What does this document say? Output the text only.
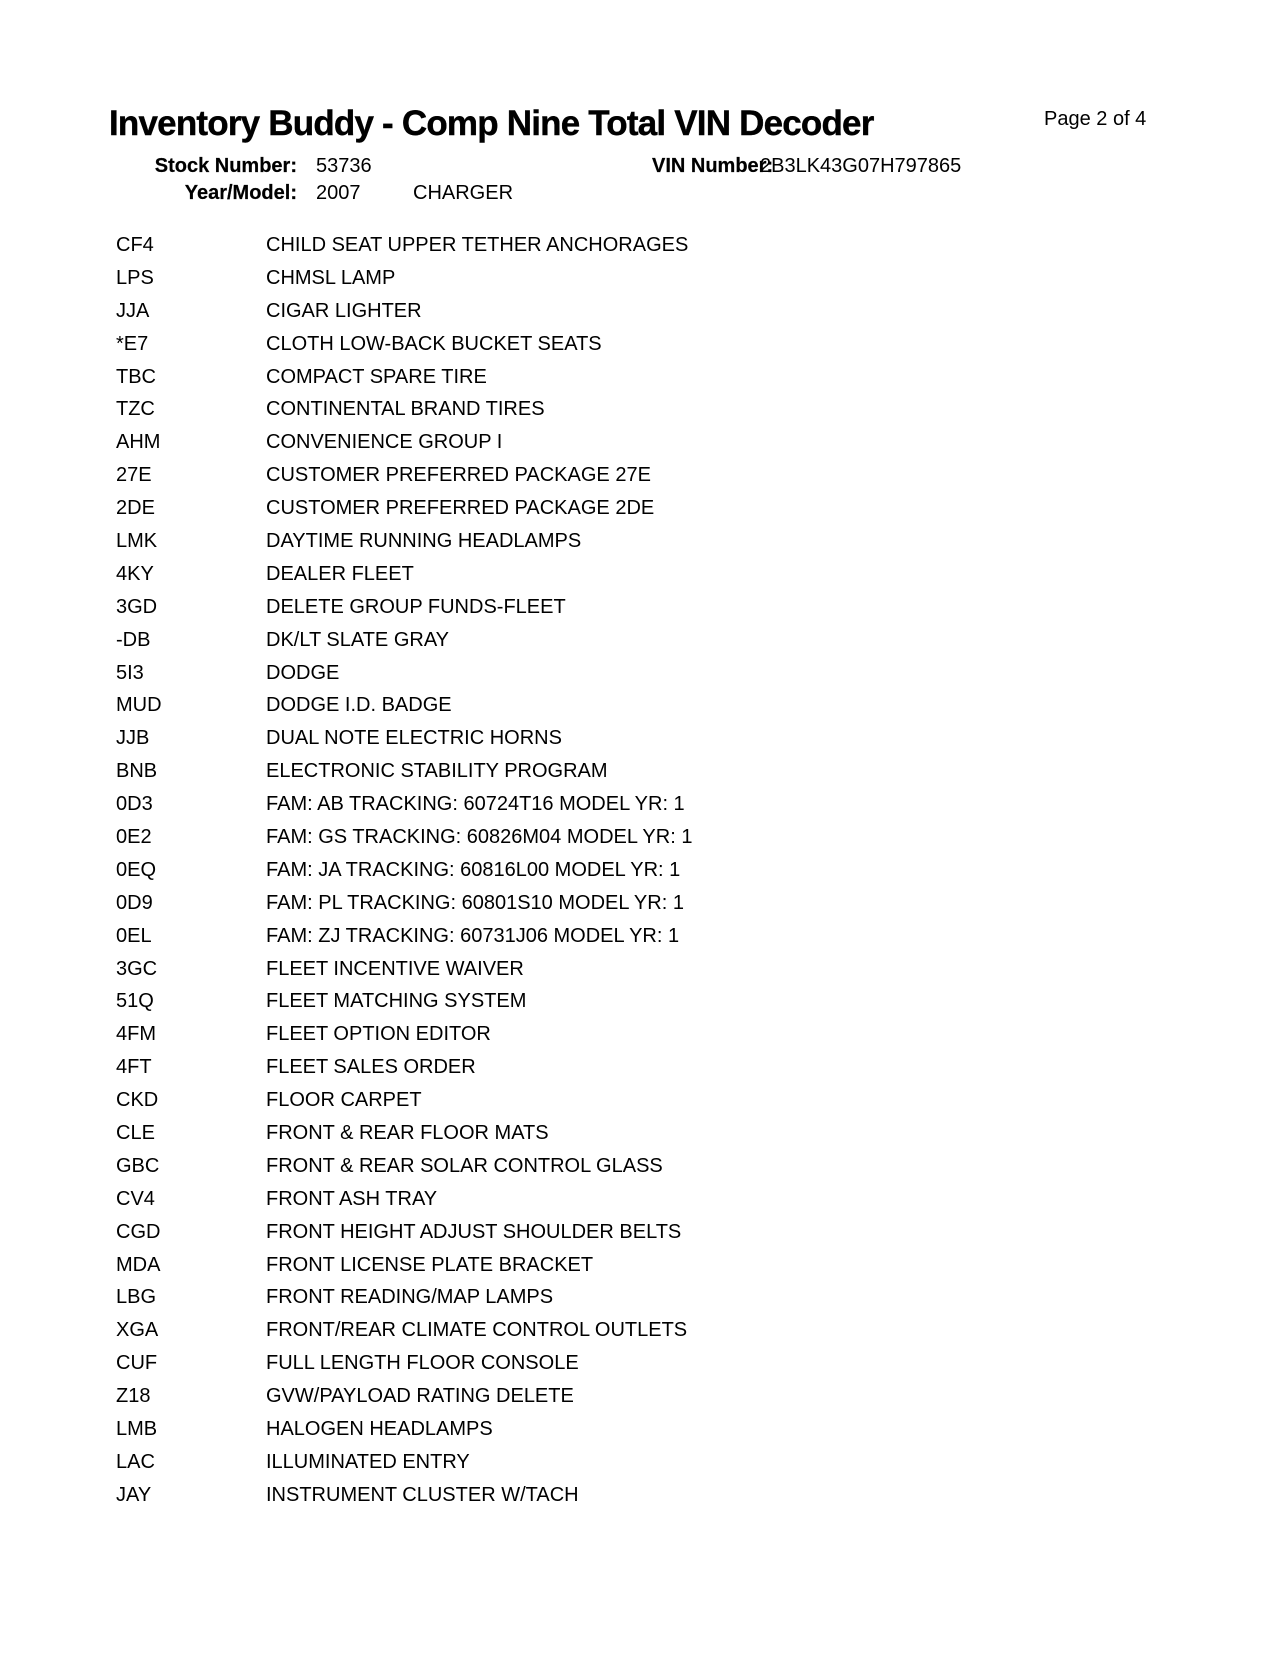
Inventory Buddy - Comp Nine Total VIN Decoder	Page 2 of 4
Stock Number: 53736	VIN Number:
2B3LK43G07H797865
Year/Model: 2007	CHARGER
CF4	CHILD SEAT UPPER TETHER ANCHORAGES
LPS	CHMSL LAMP
JJA	CIGAR LIGHTER
*E7	CLOTH LOW-BACK BUCKET SEATS
TBC	COMPACT SPARE TIRE
TZC	CONTINENTAL BRAND TIRES
AHM	CONVENIENCE GROUP I
27E	CUSTOMER PREFERRED PACKAGE 27E
2DE	CUSTOMER PREFERRED PACKAGE 2DE
LMK	DAYTIME RUNNING HEADLAMPS
4KY	DEALER FLEET
3GD	DELETE GROUP FUNDS-FLEET
-DB	DK/LT SLATE GRAY
5I3	DODGE
MUD	DODGE I.D. BADGE
JJB	DUAL NOTE ELECTRIC HORNS
BNB	ELECTRONIC STABILITY PROGRAM
0D3	FAM: AB TRACKING: 60724T16 MODEL YR: 1
0E2	FAM: GS TRACKING: 60826M04 MODEL YR: 1
0EQ	FAM: JA TRACKING: 60816L00 MODEL YR: 1
0D9	FAM: PL TRACKING: 60801S10 MODEL YR: 1
0EL	FAM: ZJ TRACKING: 60731J06 MODEL YR: 1
3GC	FLEET INCENTIVE WAIVER
51Q	FLEET MATCHING SYSTEM
4FM	FLEET OPTION EDITOR
4FT	FLEET SALES ORDER
CKD	FLOOR CARPET
CLE	FRONT & REAR FLOOR MATS
GBC	FRONT & REAR SOLAR CONTROL GLASS
CV4	FRONT ASH TRAY
CGD	FRONT HEIGHT ADJUST SHOULDER BELTS
MDA	FRONT LICENSE PLATE BRACKET
LBG	FRONT READING/MAP LAMPS
XGA	FRONT/REAR CLIMATE CONTROL OUTLETS
CUF	FULL LENGTH FLOOR CONSOLE
Z18	GVW/PAYLOAD RATING DELETE
LMB	HALOGEN HEADLAMPS
LAC	ILLUMINATED ENTRY
JAY	INSTRUMENT CLUSTER W/TACH
